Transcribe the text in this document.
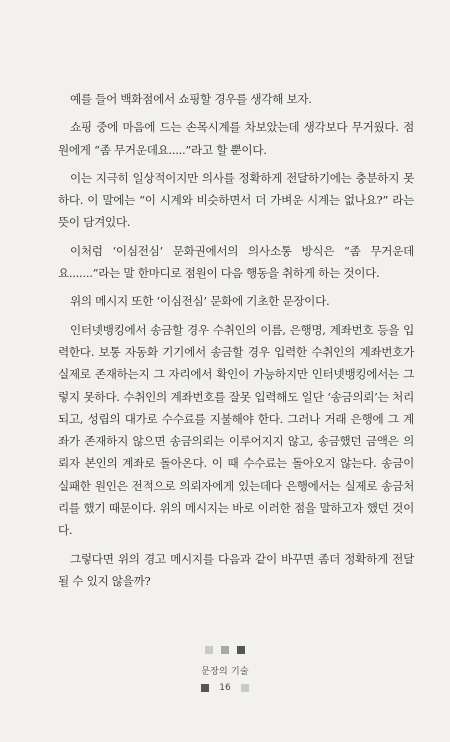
예를 들어 백화점에서 쇼핑할 경우를 생각해 보자.

쇼핑 중에 마음에 드는 손목시계를 차보았는데 생각보다 무거웠다. 점원에게 “좀 무거운데요.....”라고 할 뿐이다.

이는 지극히 일상적이지만 의사를 정확하게 전달하기에는 충분하지 못하다. 이 말에는 “이 시계와 비슷하면서 더 가벼운 시계는 없나요?” 라는 뜻이 담겨있다.

이처럼 ‘이심전심’ 문화권에서의 의사소통 방식은 “좀 무거운데요.......”라는 말 한마디로 점원이 다음 행동을 취하게 하는 것이다.

위의 메시지 또한 ‘이심전심’ 문화에 기초한 문장이다.

인터넷뱅킹에서 송금할 경우 수취인의 이름, 은행명, 계좌번호 등을 입력한다. 보통 자동화 기기에서 송금할 경우 입력한 수취인의 계좌번호가 실제로 존재하는지 그 자리에서 확인이 가능하지만 인터넷뱅킹에서는 그렇지 못하다. 수취인의 계좌번호를 잘못 입력해도 일단 ‘송금의뢰’는 처리되고, 성립의 대가로 수수료를 지불해야 한다. 그러나 거래 은행에 그 계좌가 존재하지 않으면 송금의뢰는 이루어지지 않고, 송금했던 금액은 의뢰자 본인의 계좌로 돌아온다. 이 때 수수료는 돌아오지 않는다. 송금이 실패한 원인은 전적으로 의뢰자에게 있는데다 은행에서는 실제로 송금처리를 했기 때문이다. 위의 메시지는 바로 이러한 점을 말하고자 했던 것이다.

그렇다면 위의 경고 메시지를 다음과 같이 바꾸면 좀더 정확하게 전달될 수 있지 않을까?

문장의 기술
16
